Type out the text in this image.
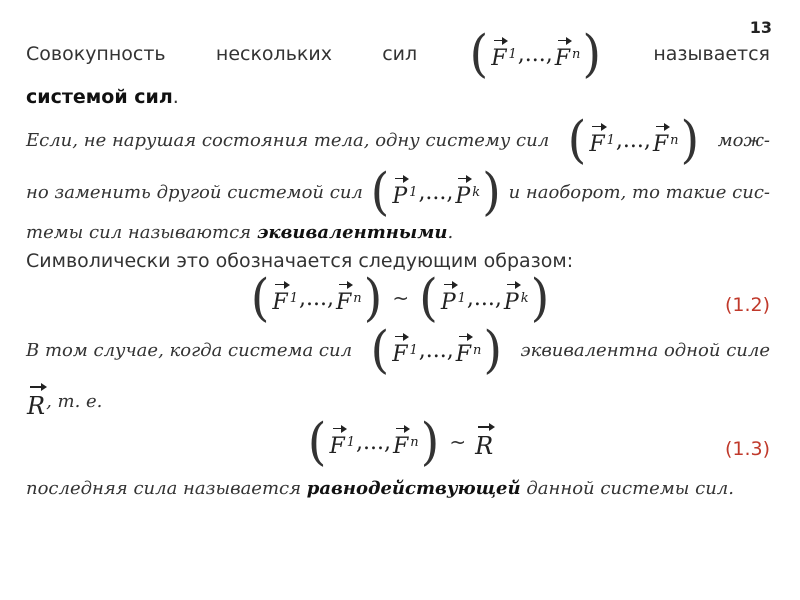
13
Совокупность	нескольких	сил ( F 1 ,..., F n )	называется
системой сил.
Если, не нарушая состояния тела, одну систему сил ( F 1 ,..., F n ) мож-
но заменить другой системой сил ( P 1 ,..., P k ) и наоборот, то такие сис-
темы сил называются эквивалентными.
Символически это обозначается следующим образом:
( F 1 ,..., F n ) ~ ( P 1 ,..., P k )	(1.2)
В том случае, когда система сил ( F 1 ,..., F n ) эквивалентна одной силе
R , т. е.
( F 1 ,..., F n ) ~ R	(1.3)
последняя сила называется равнодействующей данной системы сил.
